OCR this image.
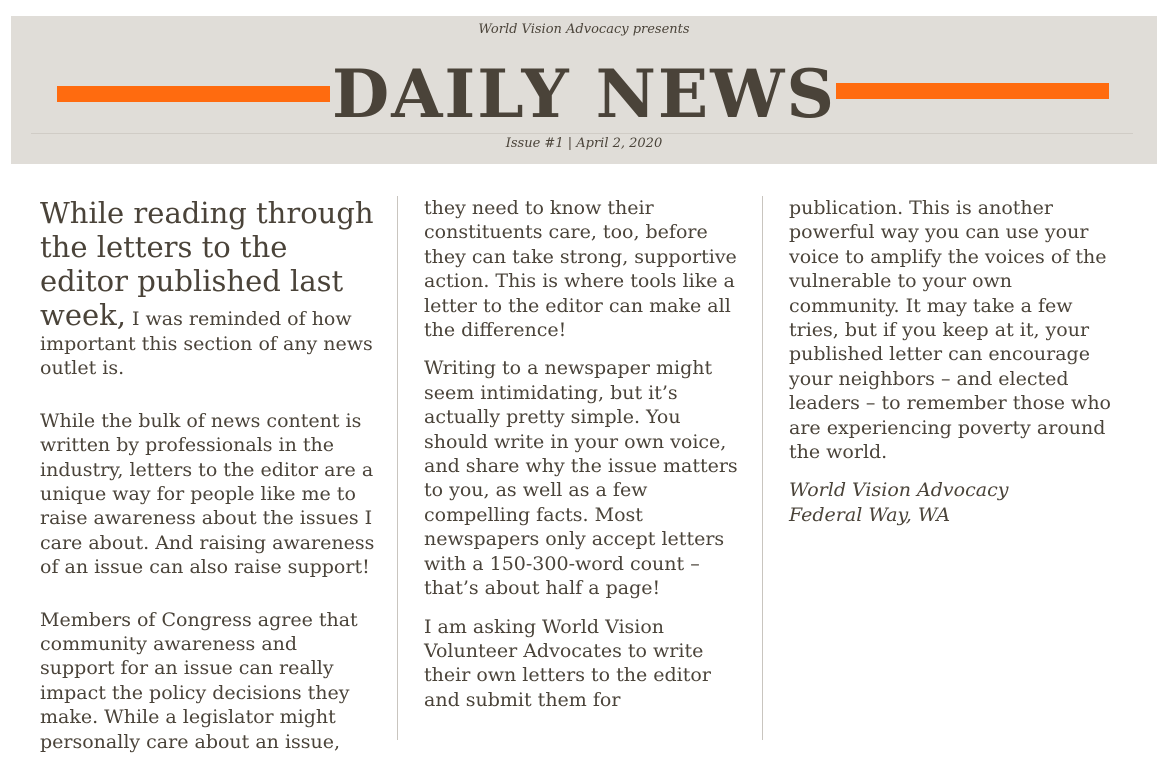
World Vision Advocacy presents
DAILY NEWS
Issue #1 | April 2, 2020

While reading through the letters to the editor published last week, I was reminded of how important this section of any news outlet is.

While the bulk of news content is written by professionals in the industry, letters to the editor are a unique way for people like me to raise awareness about the issues I care about. And raising awareness of an issue can also raise support!

Members of Congress agree that community awareness and support for an issue can really impact the policy decisions they make. While a legislator might personally care about an issue,

they need to know their constituents care, too, before they can take strong, supportive action. This is where tools like a letter to the editor can make all the difference!

Writing to a newspaper might seem intimidating, but it’s actually pretty simple. You should write in your own voice, and share why the issue matters to you, as well as a few compelling facts. Most newspapers only accept letters with a 150-300-word count – that’s about half a page!

I am asking World Vision Volunteer Advocates to write their own letters to the editor and submit them for

publication. This is another powerful way you can use your voice to amplify the voices of the vulnerable to your own community. It may take a few tries, but if you keep at it, your published letter can encourage your neighbors – and elected leaders – to remember those who are experiencing poverty around the world.

World Vision Advocacy
Federal Way, WA
